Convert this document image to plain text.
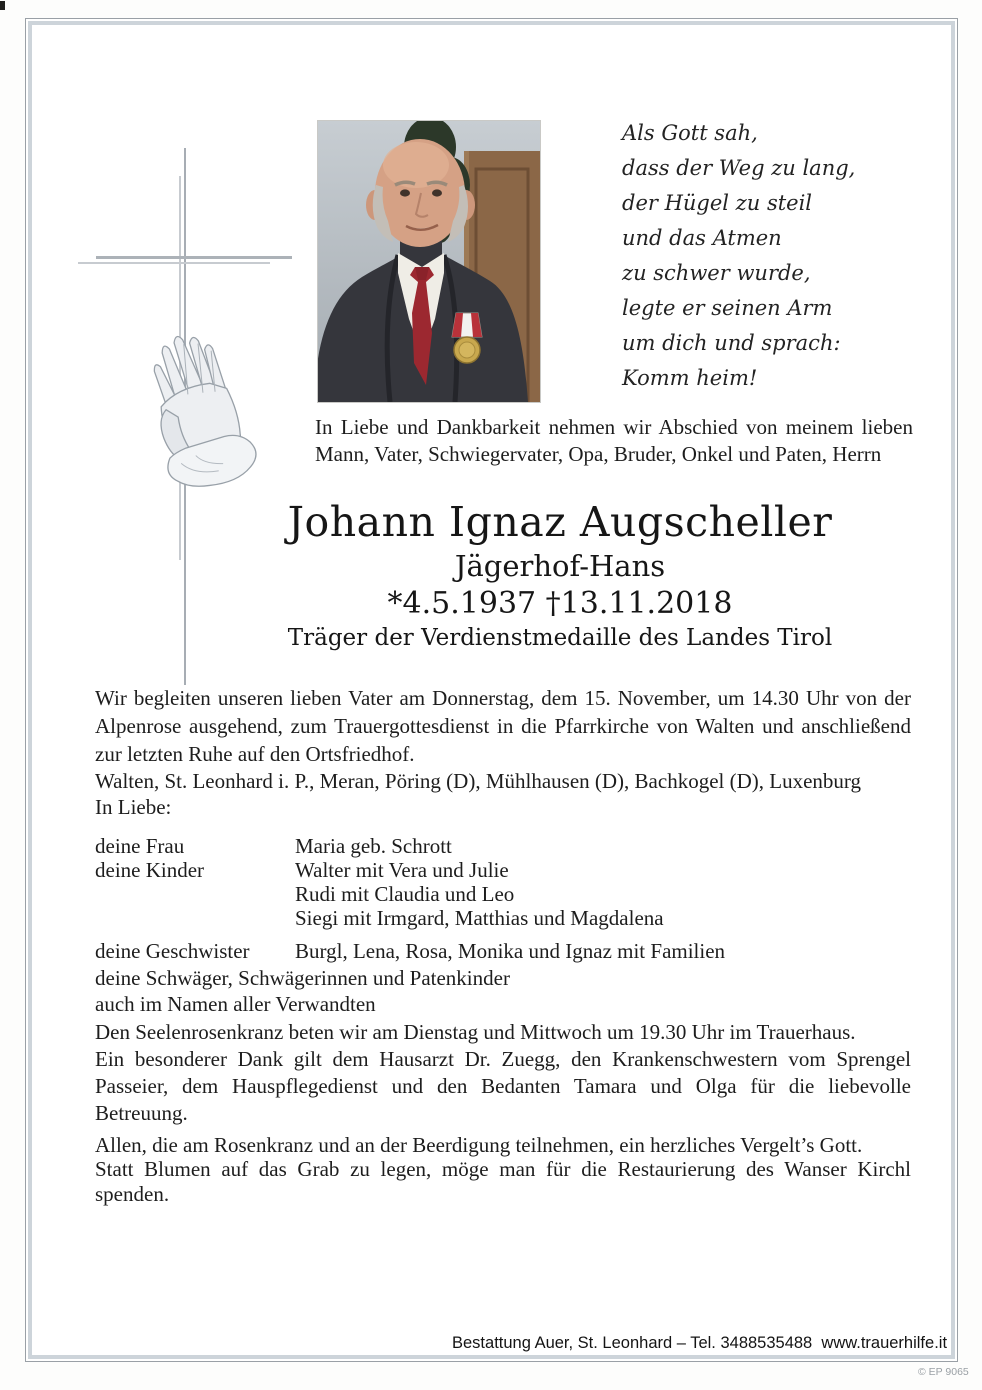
Als Gott sah,
dass der Weg zu lang,
der Hügel zu steil
und das Atmen
zu schwer wurde,
legte er seinen Arm
um dich und sprach:
Komm heim!
In Liebe und Dankbarkeit nehmen wir Abschied von meinem lieben Mann, Vater, Schwiegervater, Opa, Bruder, Onkel und Paten, Herrn
Johann Ignaz Augscheller
Jägerhof-Hans
*4.5.1937 †13.11.2018
Träger der Verdienstmedaille des Landes Tirol

Wir begleiten unseren lieben Vater am Donnerstag, dem 15. November, um 14.30 Uhr von der Alpenrose ausgehend, zum Trauergottesdienst in die Pfarrkirche von Walten und anschließend zur letzten Ruhe auf den Ortsfriedhof.

Walten, St. Leonhard i. P., Meran, Pöring (D), Mühlhausen (D), Bachkogel (D), Luxenburg

In Liebe:

deine Frau	Maria geb. Schrott
deine Kinder	Walter mit Vera und Julie
Rudi mit Claudia und Leo
Siegi mit Irmgard, Matthias und Magdalena
deine Geschwister	Burgl, Lena, Rosa, Monika und Ignaz mit Familien
deine Schwäger, Schwägerinnen und Patenkinder
auch im Namen aller Verwandten

Den Seelenrosenkranz beten wir am Dienstag und Mittwoch um 19.30 Uhr im Trauerhaus.

Ein besonderer Dank gilt dem Hausarzt Dr. Zuegg, den Krankenschwestern vom Sprengel Passeier, dem Hauspflegedienst und den Bedanten Tamara und Olga für die liebevolle Betreuung.

Allen, die am Rosenkranz und an der Beerdigung teilnehmen, ein herzliches Vergelt’s Gott.

Statt Blumen auf das Grab zu legen, möge man für die Restaurierung des Wanser Kirchl spenden.

Bestattung Auer, St. Leonhard – Tel. 3488535488  www.trauerhilfe.it
© EP 9065
